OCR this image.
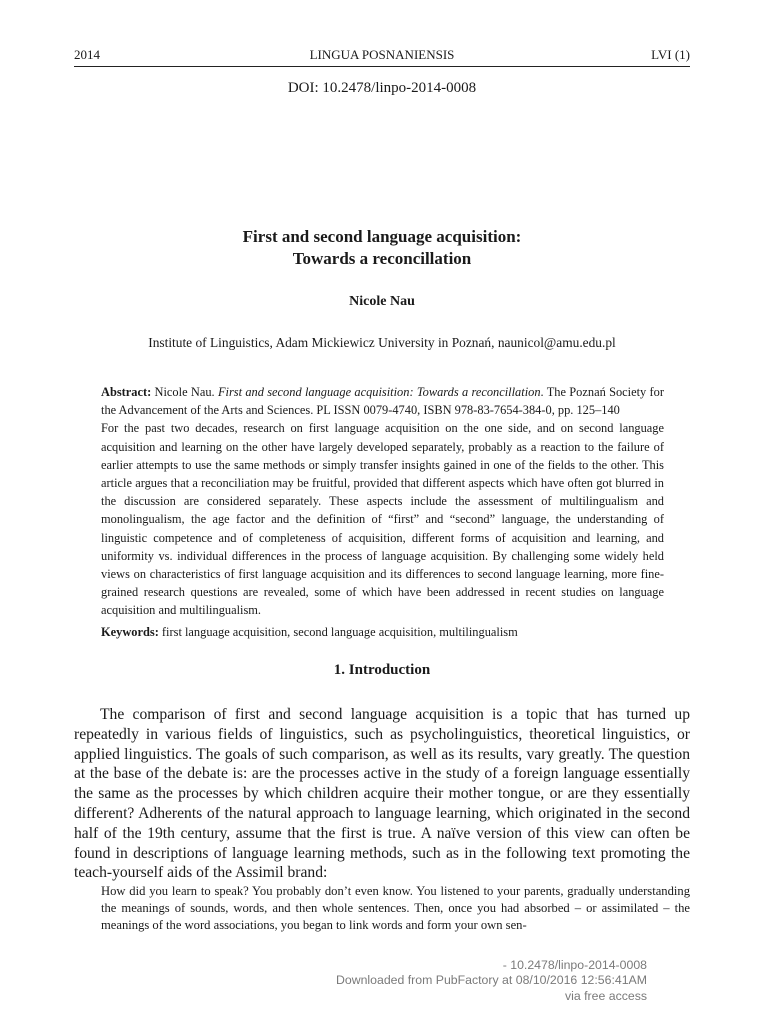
2014	LINGUA POSNANIENSIS	LVI (1)
DOI: 10.2478/linpo-2014-0008
First and second language acquisition:
Towards a reconcillation
Nicole Nau
Institute of Linguistics, Adam Mickiewicz University in Poznań, naunicol@amu.edu.pl

Abstract: Nicole Nau. First and second language acquisition: Towards a reconcillation. The Poznań Society for the Advancement of the Arts and Sciences. PL ISSN 0079-4740, ISBN 978-83-7654-384-0, pp. 125–140

For the past two decades, research on first language acquisition on the one side, and on second language acquisition and learning on the other have largely developed separately, probably as a reaction to the failure of earlier attempts to use the same methods or simply transfer insights gained in one of the fields to the other. This article argues that a reconciliation may be fruitful, provided that different aspects which have often got blurred in the discussion are considered separately. These aspects include the assessment of multilingualism and monolingualism, the age factor and the definition of “first” and “second” language, the understanding of linguistic competence and of completeness of acquisition, different forms of acquisition and learning, and uniformity vs. individual differences in the process of language acquisition. By challenging some widely held views on characteristics of first language acquisition and its differences to second language learning, more fine-grained research questions are revealed, some of which have been addressed in recent studies on language acquisition and multilingualism.

Keywords: first language acquisition, second language acquisition, multilingualism

1. Introduction

The comparison of first and second language acquisition is a topic that has turned up repeatedly in various fields of linguistics, such as psycholinguistics, theoretical linguistics, or applied linguistics. The goals of such comparison, as well as its results, vary greatly. The question at the base of the debate is: are the processes active in the study of a foreign language essentially the same as the processes by which children acquire their mother tongue, or are they essentially different? Adherents of the natural approach to language learning, which originated in the second half of the 19th century, assume that the first is true. A naïve version of this view can often be found in descriptions of language learning methods, such as in the following text promoting the teach-yourself aids of the Assimil brand:

How did you learn to speak? You probably don’t even know. You listened to your parents, gradually understanding the meanings of sounds, words, and then whole sentences. Then, once you had absorbed – or assimilated – the meanings of the word associations, you began to link words and form your own sen-

- 10.2478/linpo-2014-0008
Downloaded from PubFactory at 08/10/2016 12:56:41AM
via free access
